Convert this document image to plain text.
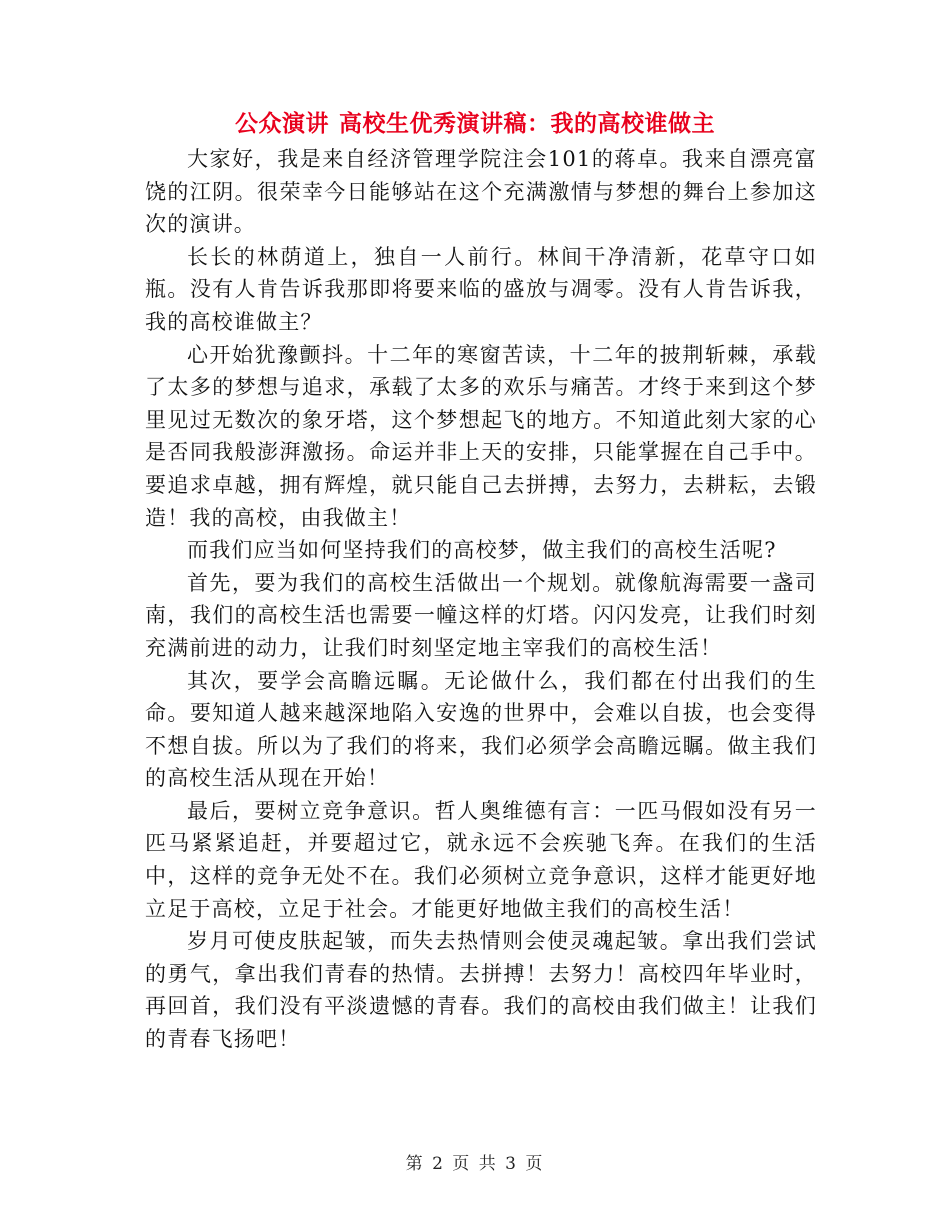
公众演讲 高校生优秀演讲稿：我的高校谁做主

大家好，我是来自经济管理学院注会101的蒋卓。我来自漂亮富饶的江阴。很荣幸今日能够站在这个充满激情与梦想的舞台上参加这次的演讲。

长长的林荫道上，独自一人前行。林间干净清新，花草守口如瓶。没有人肯告诉我那即将要来临的盛放与凋零。没有人肯告诉我，我的高校谁做主？

心开始犹豫颤抖。十二年的寒窗苦读，十二年的披荆斩棘，承载了太多的梦想与追求，承载了太多的欢乐与痛苦。才终于来到这个梦里见过无数次的象牙塔，这个梦想起飞的地方。不知道此刻大家的心是否同我般澎湃激扬。命运并非上天的安排，只能掌握在自己手中。要追求卓越，拥有辉煌，就只能自己去拼搏，去努力，去耕耘，去锻造！我的高校，由我做主！

而我们应当如何坚持我们的高校梦，做主我们的高校生活呢?

首先，要为我们的高校生活做出一个规划。就像航海需要一盏司南，我们的高校生活也需要一幢这样的灯塔。闪闪发亮，让我们时刻充满前进的动力，让我们时刻坚定地主宰我们的高校生活！

其次，要学会高瞻远瞩。无论做什么，我们都在付出我们的生命。要知道人越来越深地陷入安逸的世界中，会难以自拔，也会变得不想自拔。所以为了我们的将来，我们必须学会高瞻远瞩。做主我们的高校生活从现在开始！

最后，要树立竞争意识。哲人奥维德有言：一匹马假如没有另一匹马紧紧追赶，并要超过它，就永远不会疾驰飞奔。在我们的生活中，这样的竞争无处不在。我们必须树立竞争意识，这样才能更好地立足于高校，立足于社会。才能更好地做主我们的高校生活！

岁月可使皮肤起皱，而失去热情则会使灵魂起皱。拿出我们尝试的勇气，拿出我们青春的热情。去拼搏！去努力！高校四年毕业时，再回首，我们没有平淡遗憾的青春。我们的高校由我们做主！让我们的青春飞扬吧！

第 2 页 共 3 页
